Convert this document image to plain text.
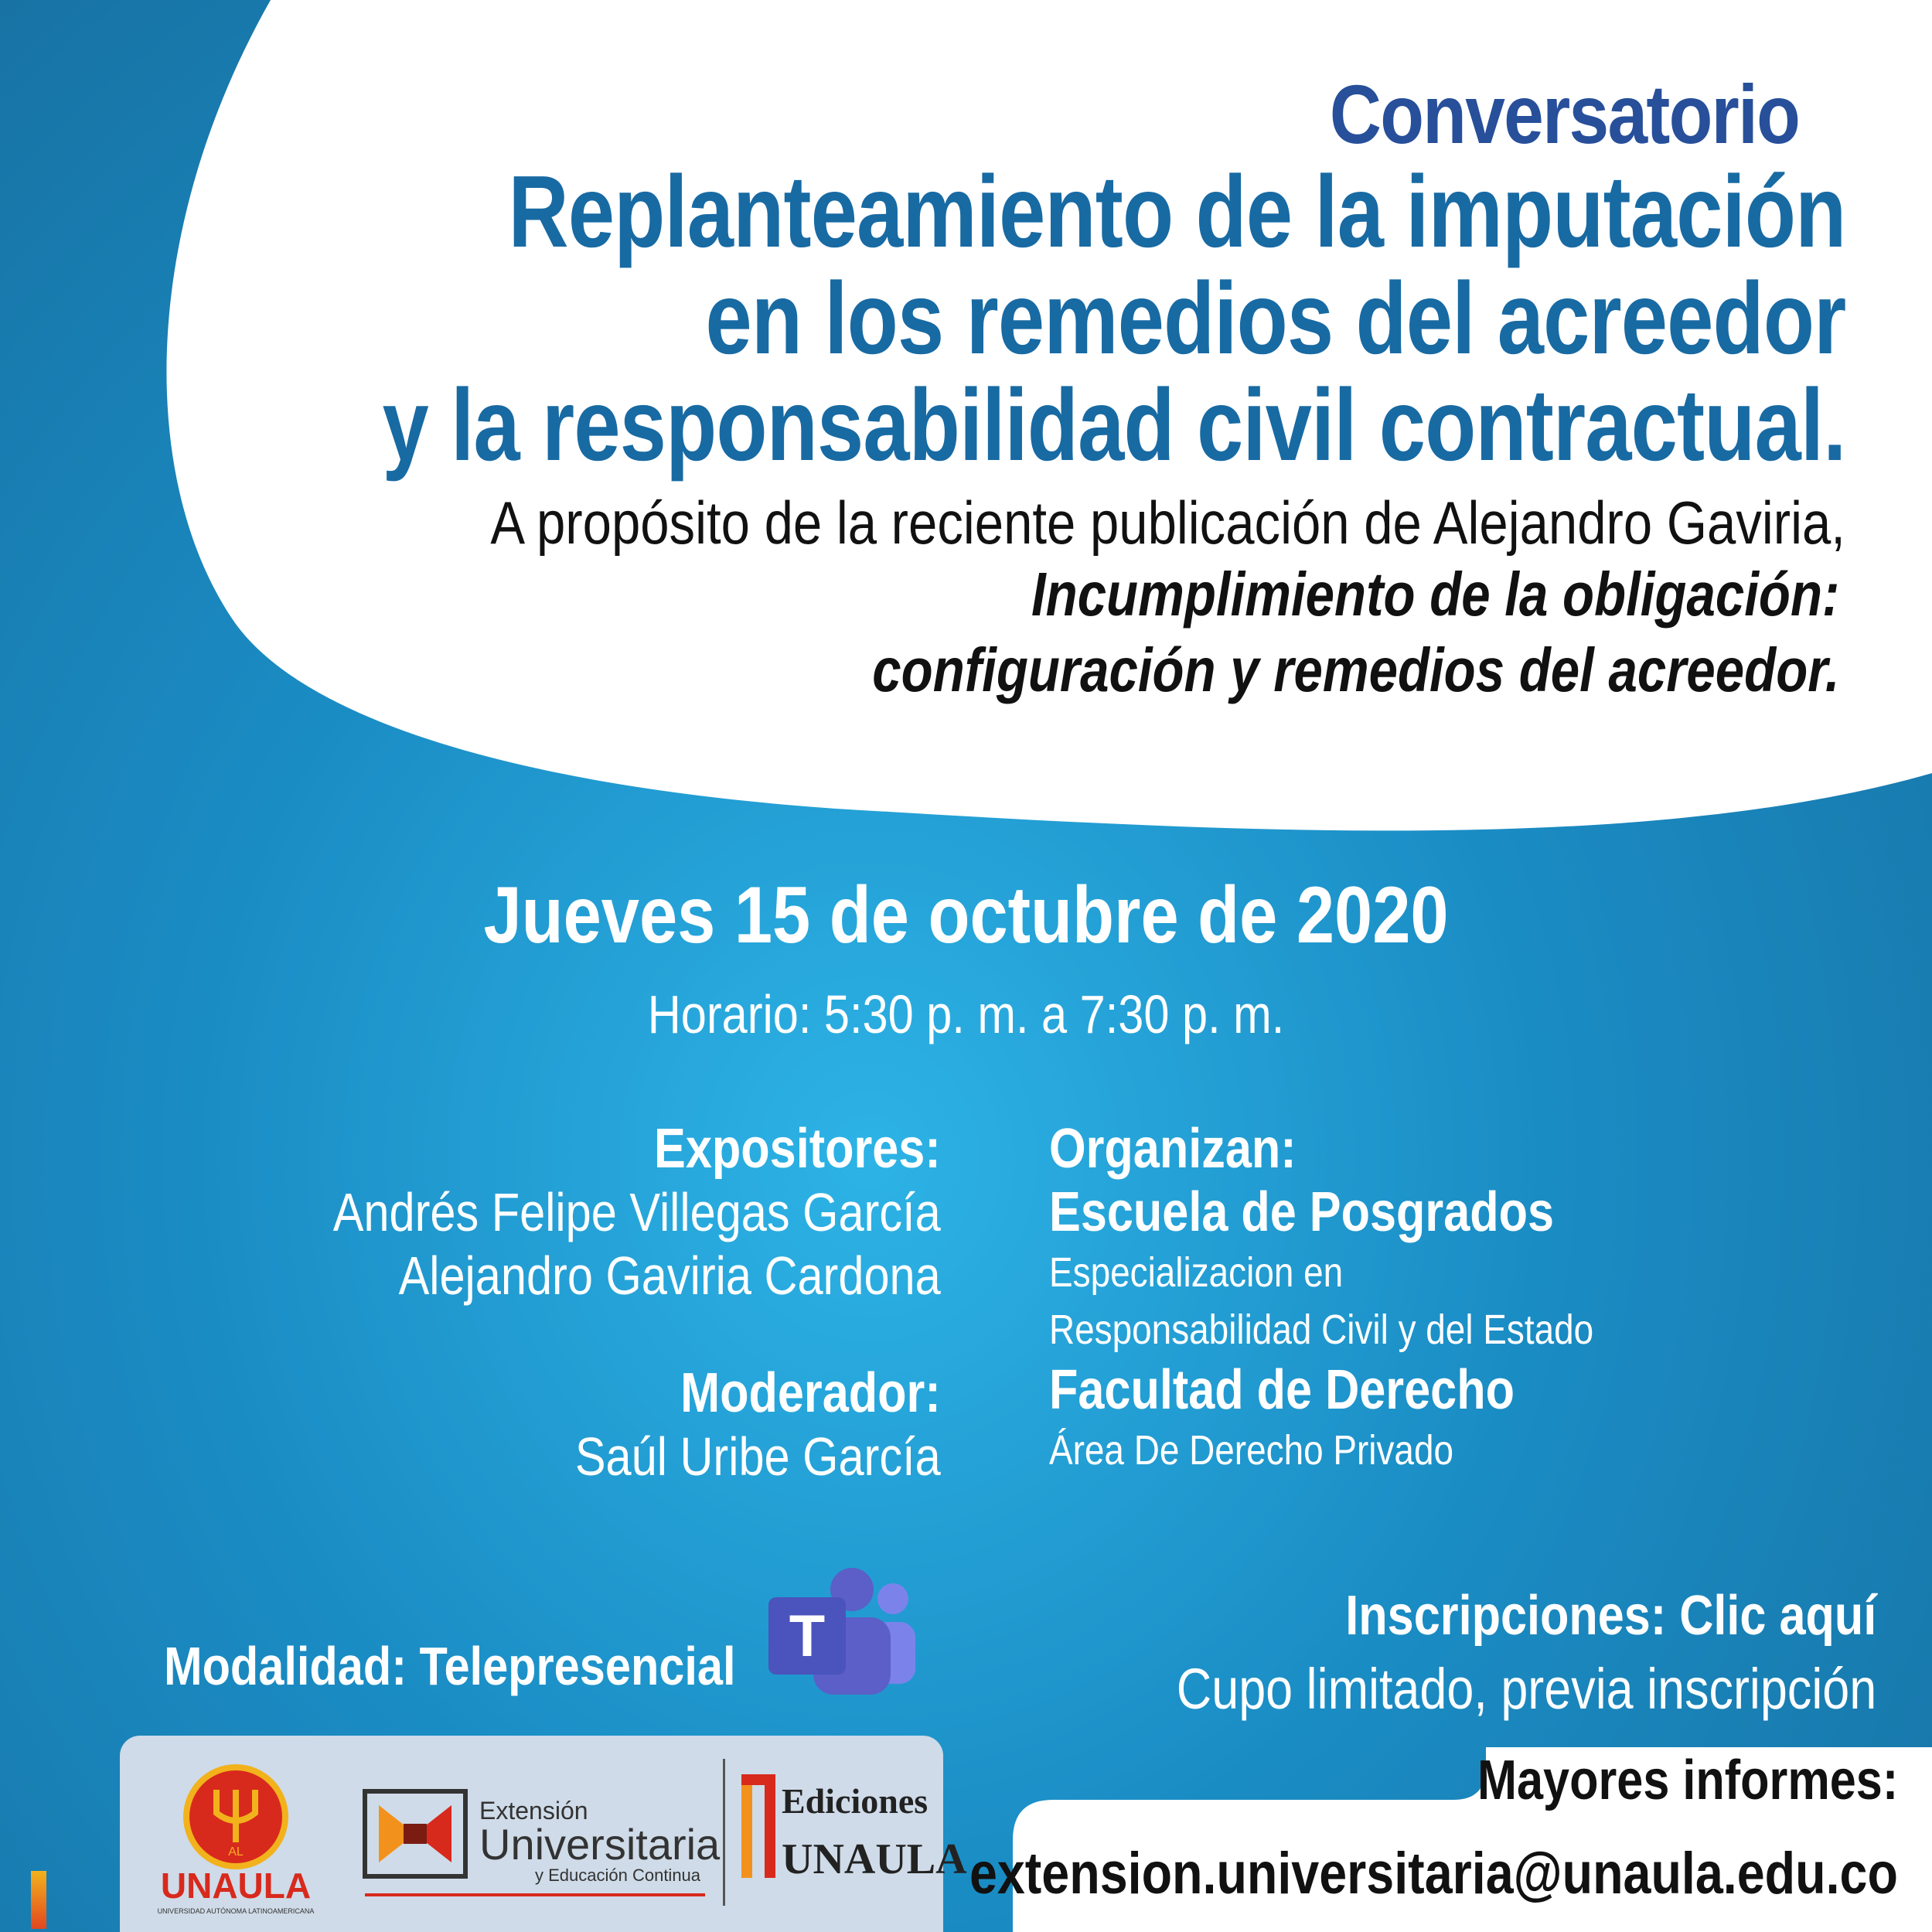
Conversatorio
Replanteamiento de la imputación
en los remedios del acreedor
y la responsabilidad civil contractual.
A propósito de la reciente publicación de Alejandro Gaviria,
Incumplimiento de la obligación:
configuración y remedios del acreedor.
Jueves 15 de octubre de 2020
Horario: 5:30 p. m. a 7:30 p. m.
Expositores:
Andrés Felipe Villegas García
Alejandro Gaviria Cardona
Moderador:
Saúl Uribe García
Organizan:
Escuela de Posgrados
Especializacion en
Responsabilidad Civil y del Estado
Facultad de Derecho
Área De Derecho Privado
Modalidad: Telepresencial T	Inscripciones: Clic aquí
Cupo limitado, previa inscripción
AL
UNAULA
UNIVERSIDAD AUTÓNOMA LATINOAMERICANA
Extensión
Universitaria
y Educación Continua
Ediciones
UNAULA
Mayores informes:
extension.universitaria@unaula.edu.co
